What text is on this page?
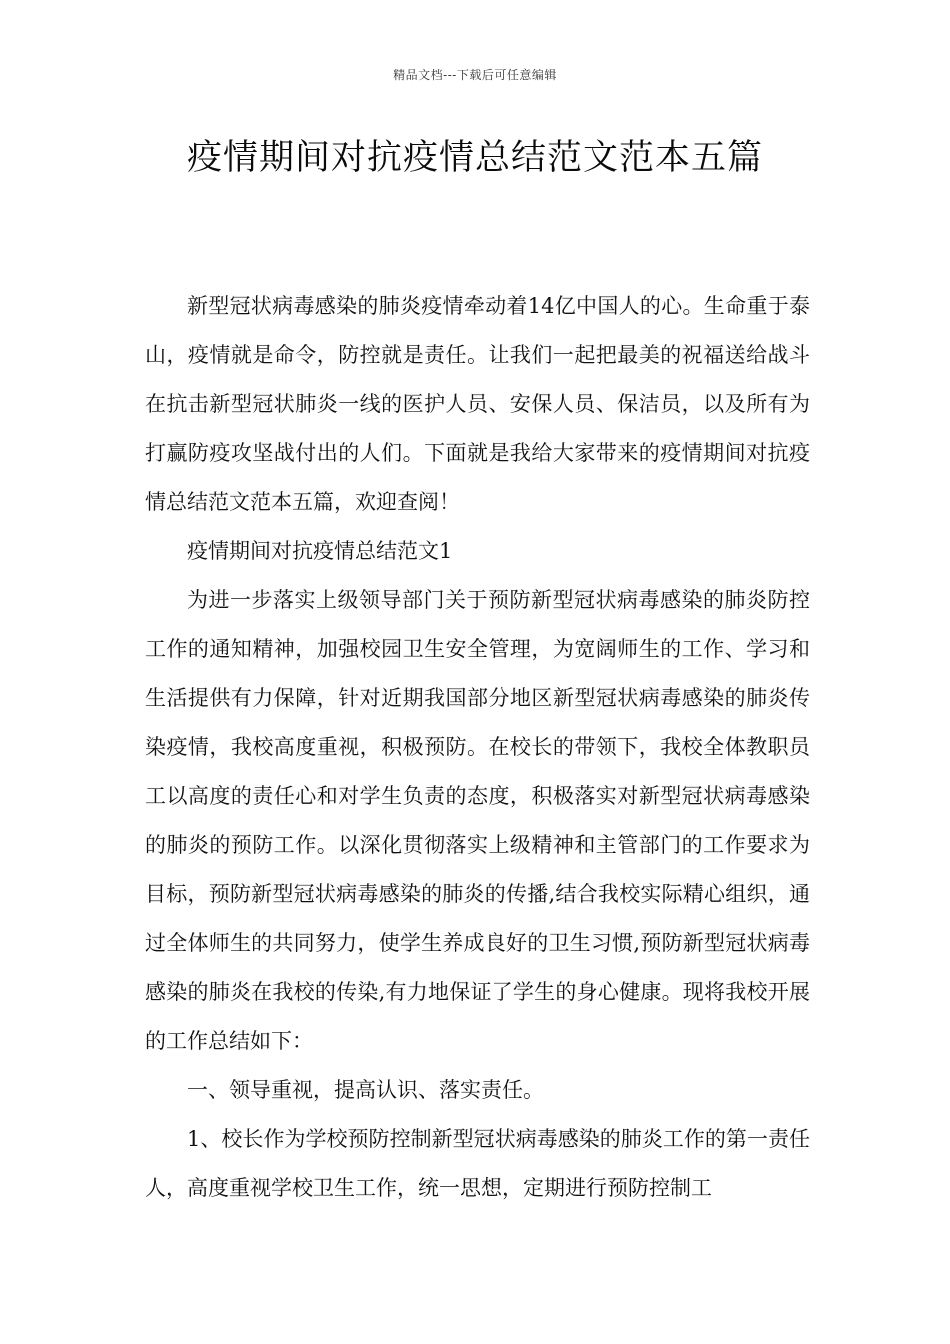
精品文档---下载后可任意编辑
疫情期间对抗疫情总结范文范本五篇

新型冠状病毒感染的肺炎疫情牵动着14亿中国人的心。生命重于泰山，疫情就是命令，防控就是责任。让我们一起把最美的祝福送给战斗在抗击新型冠状肺炎一线的医护人员、安保人员、保洁员，以及所有为打赢防疫攻坚战付出的人们。下面就是我给大家带来的疫情期间对抗疫情总结范文范本五篇，欢迎查阅！

疫情期间对抗疫情总结范文1

为进一步落实上级领导部门关于预防新型冠状病毒感染的肺炎防控工作的通知精神，加强校园卫生安全管理，为宽阔师生的工作、学习和生活提供有力保障，针对近期我国部分地区新型冠状病毒感染的肺炎传染疫情，我校高度重视，积极预防。在校长的带领下，我校全体教职员工以高度的责任心和对学生负责的态度，积极落实对新型冠状病毒感染的肺炎的预防工作。以深化贯彻落实上级精神和主管部门的工作要求为目标，预防新型冠状病毒感染的肺炎的传播,结合我校实际精心组织，通过全体师生的共同努力，使学生养成良好的卫生习惯,预防新型冠状病毒感染的肺炎在我校的传染,有力地保证了学生的身心健康。现将我校开展的工作总结如下：

一、领导重视，提高认识、落实责任。

1、校长作为学校预防控制新型冠状病毒感染的肺炎工作的第一责任人，高度重视学校卫生工作，统一思想，定期进行预防控制工
